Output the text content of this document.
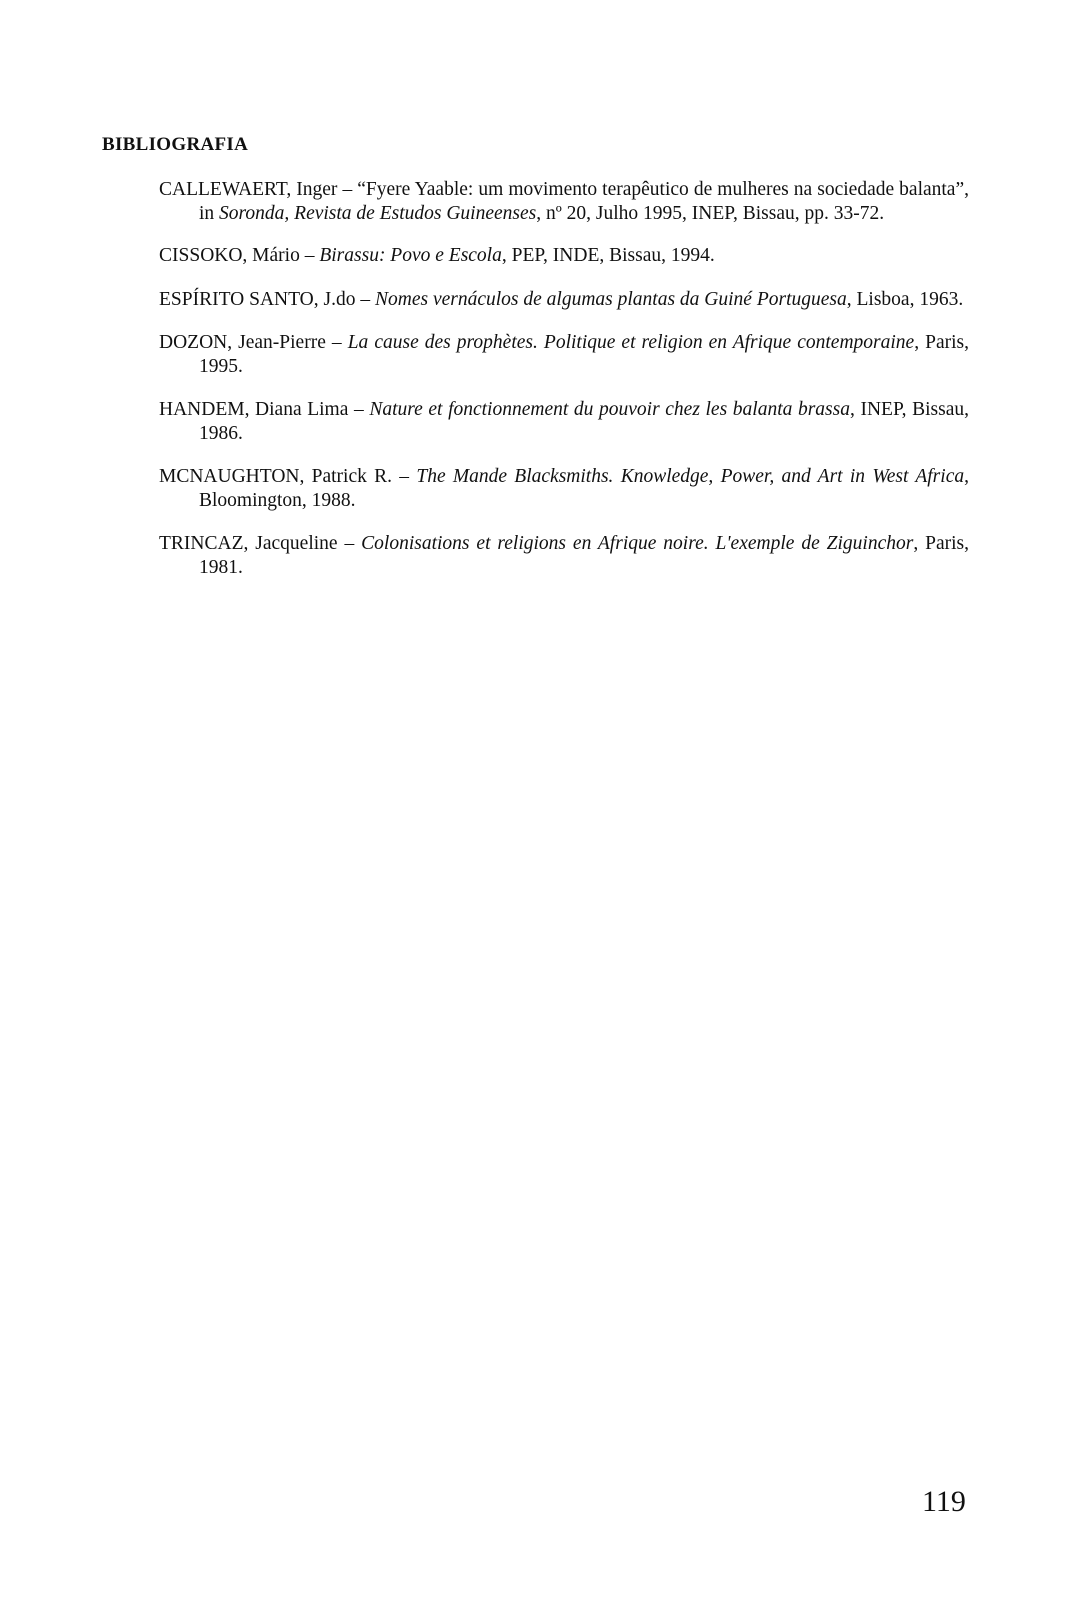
BIBLIOGRAFIA
CALLEWAERT, Inger – “Fyere Yaable: um movimento terapêutico de mulheres na sociedade balanta”, in Soronda, Revista de Estudos Guineenses, nº 20, Julho 1995, INEP, Bissau, pp. 33-72.
CISSOKO, Mário – Birassu: Povo e Escola, PEP, INDE, Bissau, 1994.
ESPÍRITO SANTO, J.do – Nomes vernáculos de algumas plantas da Guiné Portuguesa, Lisboa, 1963.
DOZON, Jean-Pierre – La cause des prophètes. Politique et religion en Afrique contemporaine, Paris, 1995.
HANDEM, Diana Lima – Nature et fonctionnement du pouvoir chez les balanta brassa, INEP, Bissau, 1986.
MCNAUGHTON, Patrick R. – The Mande Blacksmiths. Knowledge, Power, and Art in West Africa, Bloomington, 1988.
TRINCAZ, Jacqueline – Colonisations et religions en Afrique noire. L'exemple de Ziguinchor, Paris, 1981.

119
